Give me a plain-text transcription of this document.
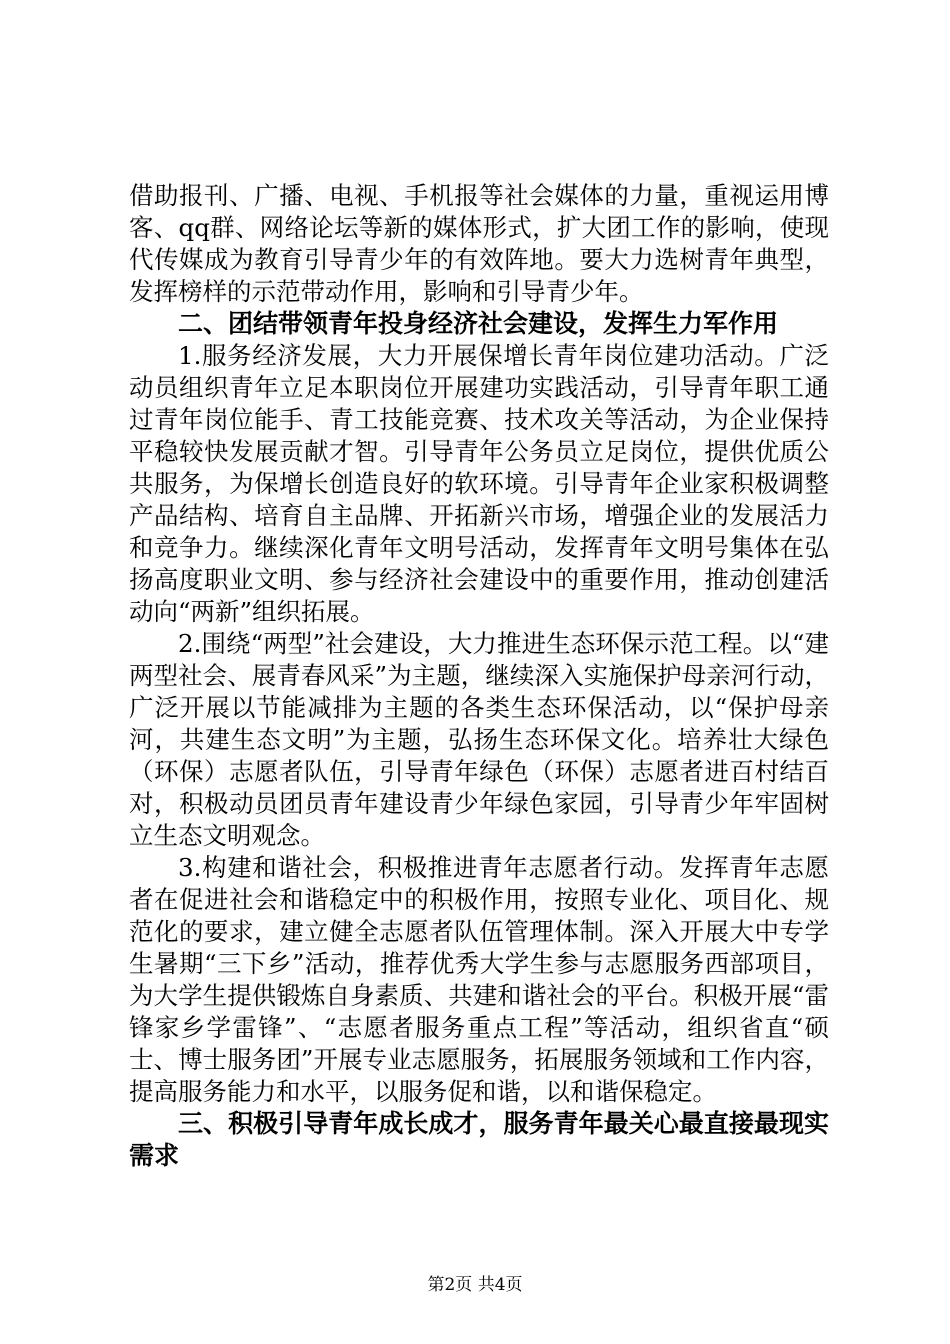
借助报刊、广播、电视、手机报等社会媒体的力量，重视运用博客、qq群、网络论坛等新的媒体形式，扩大团工作的影响，使现代传媒成为教育引导青少年的有效阵地。要大力选树青年典型，发挥榜样的示范带动作用，影响和引导青少年。

二、团结带领青年投身经济社会建设，发挥生力军作用

1.服务经济发展，大力开展保增长青年岗位建功活动。广泛动员组织青年立足本职岗位开展建功实践活动，引导青年职工通过青年岗位能手、青工技能竞赛、技术攻关等活动，为企业保持平稳较快发展贡献才智。引导青年公务员立足岗位，提供优质公共服务，为保增长创造良好的软环境。引导青年企业家积极调整产品结构、培育自主品牌、开拓新兴市场，增强企业的发展活力和竞争力。继续深化青年文明号活动，发挥青年文明号集体在弘扬高度职业文明、参与经济社会建设中的重要作用，推动创建活动向“两新”组织拓展。

2.围绕“两型”社会建设，大力推进生态环保示范工程。以“建两型社会、展青春风采”为主题，继续深入实施保护母亲河行动，广泛开展以节能减排为主题的各类生态环保活动，以“保护母亲河，共建生态文明”为主题，弘扬生态环保文化。培养壮大绿色（环保）志愿者队伍，引导青年绿色（环保）志愿者进百村结百对，积极动员团员青年建设青少年绿色家园，引导青少年牢固树立生态文明观念。

3.构建和谐社会，积极推进青年志愿者行动。发挥青年志愿者在促进社会和谐稳定中的积极作用，按照专业化、项目化、规范化的要求，建立健全志愿者队伍管理体制。深入开展大中专学生暑期“三下乡”活动，推荐优秀大学生参与志愿服务西部项目，为大学生提供锻炼自身素质、共建和谐社会的平台。积极开展“雷锋家乡学雷锋”、“志愿者服务重点工程”等活动，组织省直“硕士、博士服务团”开展专业志愿服务，拓展服务领域和工作内容，提高服务能力和水平，以服务促和谐，以和谐保稳定。

三、积极引导青年成长成才，服务青年最关心最直接最现实需求

第2页 共4页
